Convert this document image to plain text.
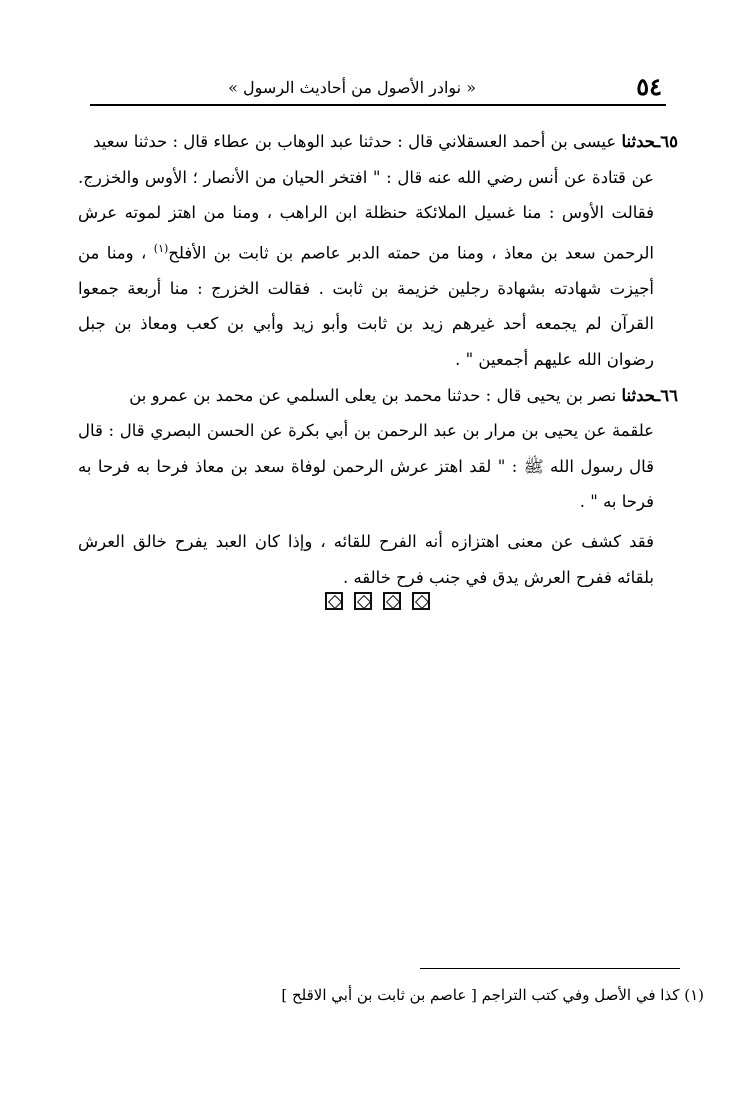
٥٤
« نوادر الأصول من أحاديث الرسول »

٦٥ـحدثنا عيسى بن أحمد العسقلاني قال : حدثنا عبد الوهاب بن عطاء قال : حدثنا سعيد
عن قتادة عن أنس رضي الله عنه قال : " افتخر الحيان من الأنصار ؛ الأوس والخزرج. فقالت الأوس : منا غسيل الملائكة حنظلة ابن الراهب ، ومنا من اهتز لموته عرش الرحمن سعد بن معاذ ، ومنا من حمته الدبر عاصم بن ثابت بن الأفلح$^{(١)}$ ، ومنا من أجيزت شهادته بشهادة رجلين خزيمة بن ثابت . فقالت الخزرج : منا أربعة جمعوا القرآن لم يجمعه أحد غيرهم زيد بن ثابت وأبو زيد وأبي بن كعب ومعاذ بن جبل رضوان الله عليهم أجمعين " .

٦٦ـحدثنا نصر بن يحيى قال : حدثنا محمد بن يعلى السلمي عن محمد بن عمرو بن
علقمة عن يحيى بن مرار بن عبد الرحمن بن أبي بكرة عن الحسن البصري قال : قال قال رسول الله ﷺ : " لقد اهتز عرش الرحمن لوفاة سعد بن معاذ فرحا به فرحا به فرحا به " .

فقد كشف عن معنى اهتزازه أنه الفرح للقائه ، وإذا كان العبد يفرح خالق العرش بلقائه ففرح العرش يدق في جنب فرح خالقه .

(١) كذا في الأصل وفي كتب التراجم [ عاصم بن ثابت بن أبي الاقلح ]
